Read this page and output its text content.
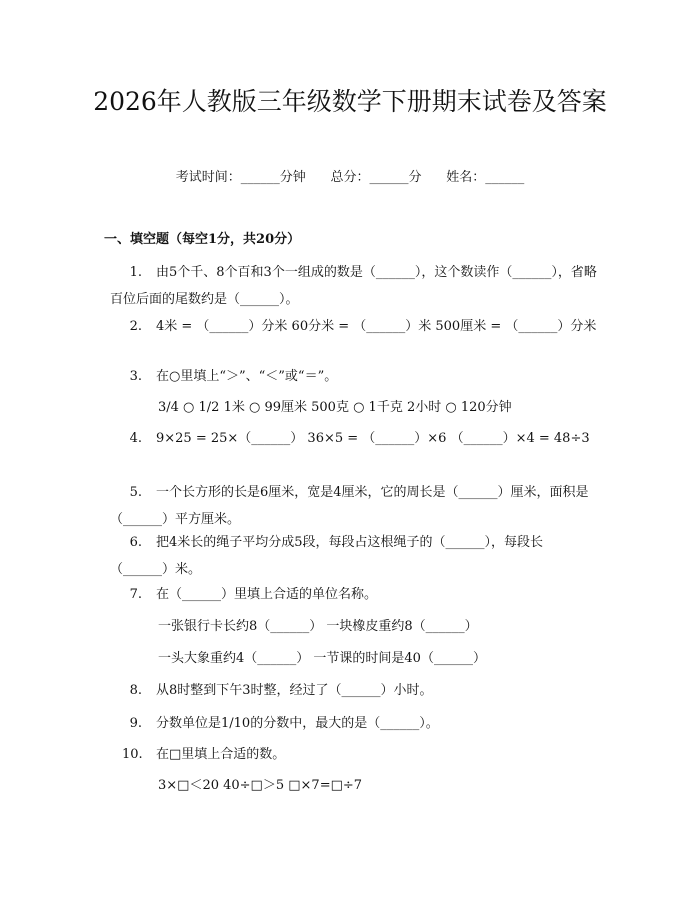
2026年人教版三年级数学下册期末试卷及答案
考试时间：______分钟      总分：______分      姓名：______
一、填空题（每空1分，共20分）

1. 由5个千、8个百和3个一组成的数是（______），这个数读作（______），省略百位后面的尾数约是（______）。

2. 4米 = （______）分米 60分米 = （______）米 500厘米 = （______）分米

3. 在○里填上“＞”、“＜”或“＝”。

3/4 ○ 1/2 1米 ○ 99厘米 500克 ○ 1千克 2小时 ○ 120分钟

4. 9×25 = 25×（______） 36×5 = （______）×6 （______）×4 = 48÷3

5. 一个长方形的长是6厘米，宽是4厘米，它的周长是（______）厘米，面积是（______）平方厘米。

6. 把4米长的绳子平均分成5段，每段占这根绳子的（______），每段长（______）米。

7. 在（______）里填上合适的单位名称。

一张银行卡长约8（______） 一块橡皮重约8（______）
一头大象重约4（______） 一节课的时间是40（______）

8. 从8时整到下午3时整，经过了（______）小时。

9. 分数单位是1/10的分数中，最大的是（______）。

10. 在□里填上合适的数。

3×□＜20 40÷□＞5 □×7=□÷7
